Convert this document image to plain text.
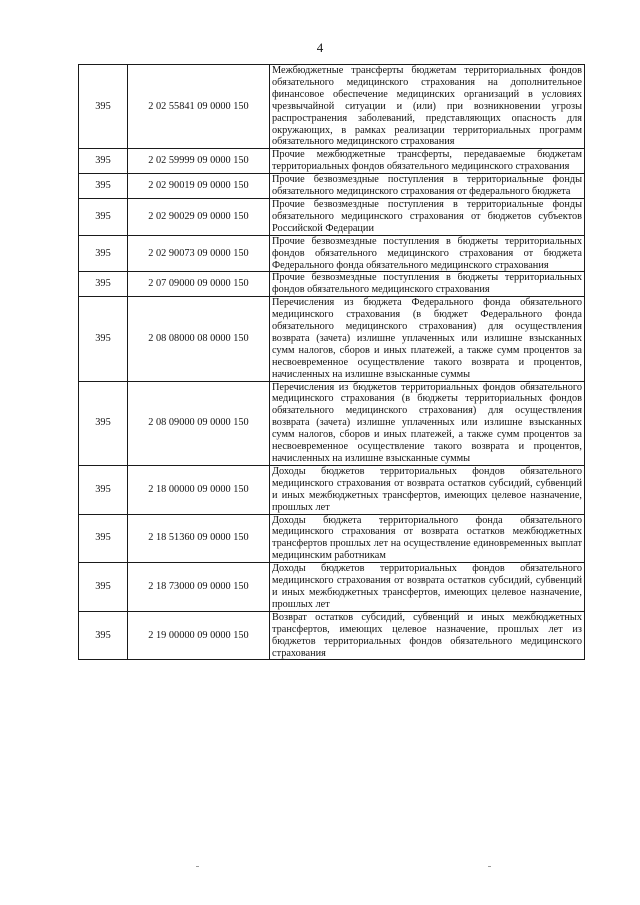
4
395	2 02 55841 09 0000 150	Межбюджетные трансферты бюджетам территориальных фондов обязательного медицинского страхования на дополнительное финансовое обеспечение медицинских организаций в условиях чрезвычайной ситуации и (или) при возникновении угрозы распространения заболеваний, представляющих опасность для окружающих, в рамках реализации территориальных программ обязательного медицинского страхования
395	2 02 59999 09 0000 150	Прочие межбюджетные трансферты, передаваемые бюджетам территориальных фондов обязательного медицинского страхования
395	2 02 90019 09 0000 150	Прочие безвозмездные поступления в территориальные фонды обязательного медицинского страхования от федерального бюджета
395	2 02 90029 09 0000 150	Прочие безвозмездные поступления в территориальные фонды обязательного медицинского страхования от бюджетов субъектов Российской Федерации
395	2 02 90073 09 0000 150	Прочие безвозмездные поступления в бюджеты территориальных фондов обязательного медицинского страхования от бюджета Федерального фонда обязательного медицинского страхования
395	2 07 09000 09 0000 150	Прочие безвозмездные поступления в бюджеты территориальных фондов обязательного медицинского страхования
395	2 08 08000 08 0000 150	Перечисления из бюджета Федерального фонда обязательного медицинского страхования (в бюджет Федерального фонда обязательного медицинского страхования) для осуществления возврата (зачета) излишне уплаченных или излишне взысканных сумм налогов, сборов и иных платежей, а также сумм процентов за несвоевременное осуществление такого возврата и процентов, начисленных на излишне взысканные суммы
395	2 08 09000 09 0000 150	Перечисления из бюджетов территориальных фондов обязательного медицинского страхования (в бюджеты территориальных фондов обязательного медицинского страхования) для осуществления возврата (зачета) излишне уплаченных или излишне взысканных сумм налогов, сборов и иных платежей, а также сумм процентов за несвоевременное осуществление такого возврата и процентов, начисленных на излишне взысканные суммы
395	2 18 00000 09 0000 150	Доходы бюджетов территориальных фондов обязательного медицинского страхования от возврата остатков субсидий, субвенций и иных межбюджетных трансфертов, имеющих целевое назначение, прошлых лет
395	2 18 51360 09 0000 150	Доходы бюджета территориального фонда обязательного медицинского страхования от возврата остатков межбюджетных трансфертов прошлых лет на осуществление единовременных выплат медицинским работникам
395	2 18 73000 09 0000 150	Доходы бюджетов территориальных фондов обязательного медицинского страхования от возврата остатков субсидий, субвенций и иных межбюджетных трансфертов, имеющих целевое назначение, прошлых лет
395	2 19 00000 09 0000 150	Возврат остатков субсидий, субвенций и иных межбюджетных трансфертов, имеющих целевое назначение, прошлых лет из бюджетов территориальных фондов обязательного медицинского страхования
